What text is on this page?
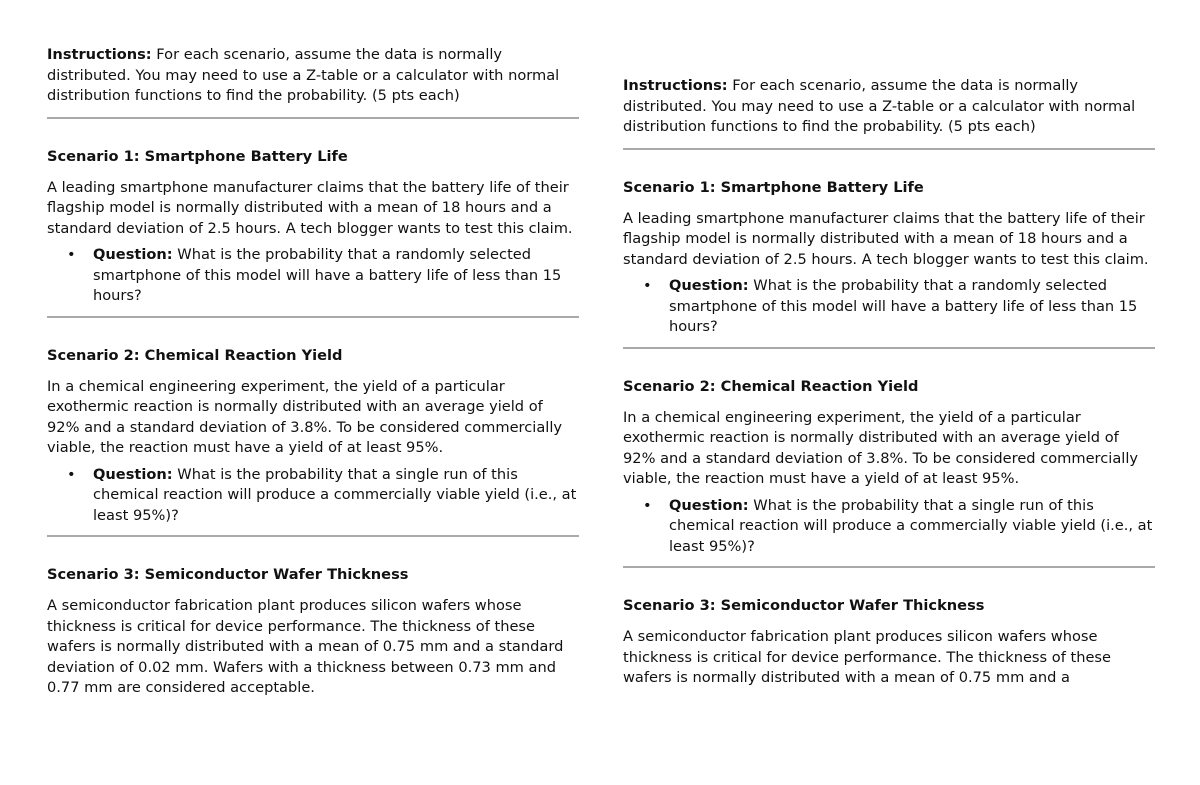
Instructions: For each scenario, assume the data is normally distributed. You may need to use a Z-table or a calculator with normal distribution functions to find the probability. (5 pts each)

Scenario 1: Smartphone Battery Life

A leading smartphone manufacturer claims that the battery life of their flagship model is normally distributed with a mean of 18 hours and a standard deviation of 2.5 hours. A tech blogger wants to test this claim.

• Question: What is the probability that a randomly selected smartphone of this model will have a battery life of less than 15 hours?
Scenario 2: Chemical Reaction Yield

In a chemical engineering experiment, the yield of a particular exothermic reaction is normally distributed with an average yield of 92% and a standard deviation of 3.8%. To be considered commercially viable, the reaction must have a yield of at least 95%.

• Question: What is the probability that a single run of this chemical reaction will produce a commercially viable yield (i.e., at least 95%)?
Scenario 3: Semiconductor Wafer Thickness

A semiconductor fabrication plant produces silicon wafers whose thickness is critical for device performance. The thickness of these wafers is normally distributed with a mean of 0.75 mm and a standard deviation of 0.02 mm. Wafers with a thickness between 0.73 mm and 0.77 mm are considered acceptable.

Instructions: For each scenario, assume the data is normally distributed. You may need to use a Z-table or a calculator with normal distribution functions to find the probability. (5 pts each)

Scenario 1: Smartphone Battery Life

A leading smartphone manufacturer claims that the battery life of their flagship model is normally distributed with a mean of 18 hours and a standard deviation of 2.5 hours. A tech blogger wants to test this claim.

• Question: What is the probability that a randomly selected smartphone of this model will have a battery life of less than 15 hours?
Scenario 2: Chemical Reaction Yield

In a chemical engineering experiment, the yield of a particular exothermic reaction is normally distributed with an average yield of 92% and a standard deviation of 3.8%. To be considered commercially viable, the reaction must have a yield of at least 95%.

• Question: What is the probability that a single run of this chemical reaction will produce a commercially viable yield (i.e., at least 95%)?
Scenario 3: Semiconductor Wafer Thickness

A semiconductor fabrication plant produces silicon wafers whose thickness is critical for device performance. The thickness of these wafers is normally distributed with a mean of 0.75 mm and a
